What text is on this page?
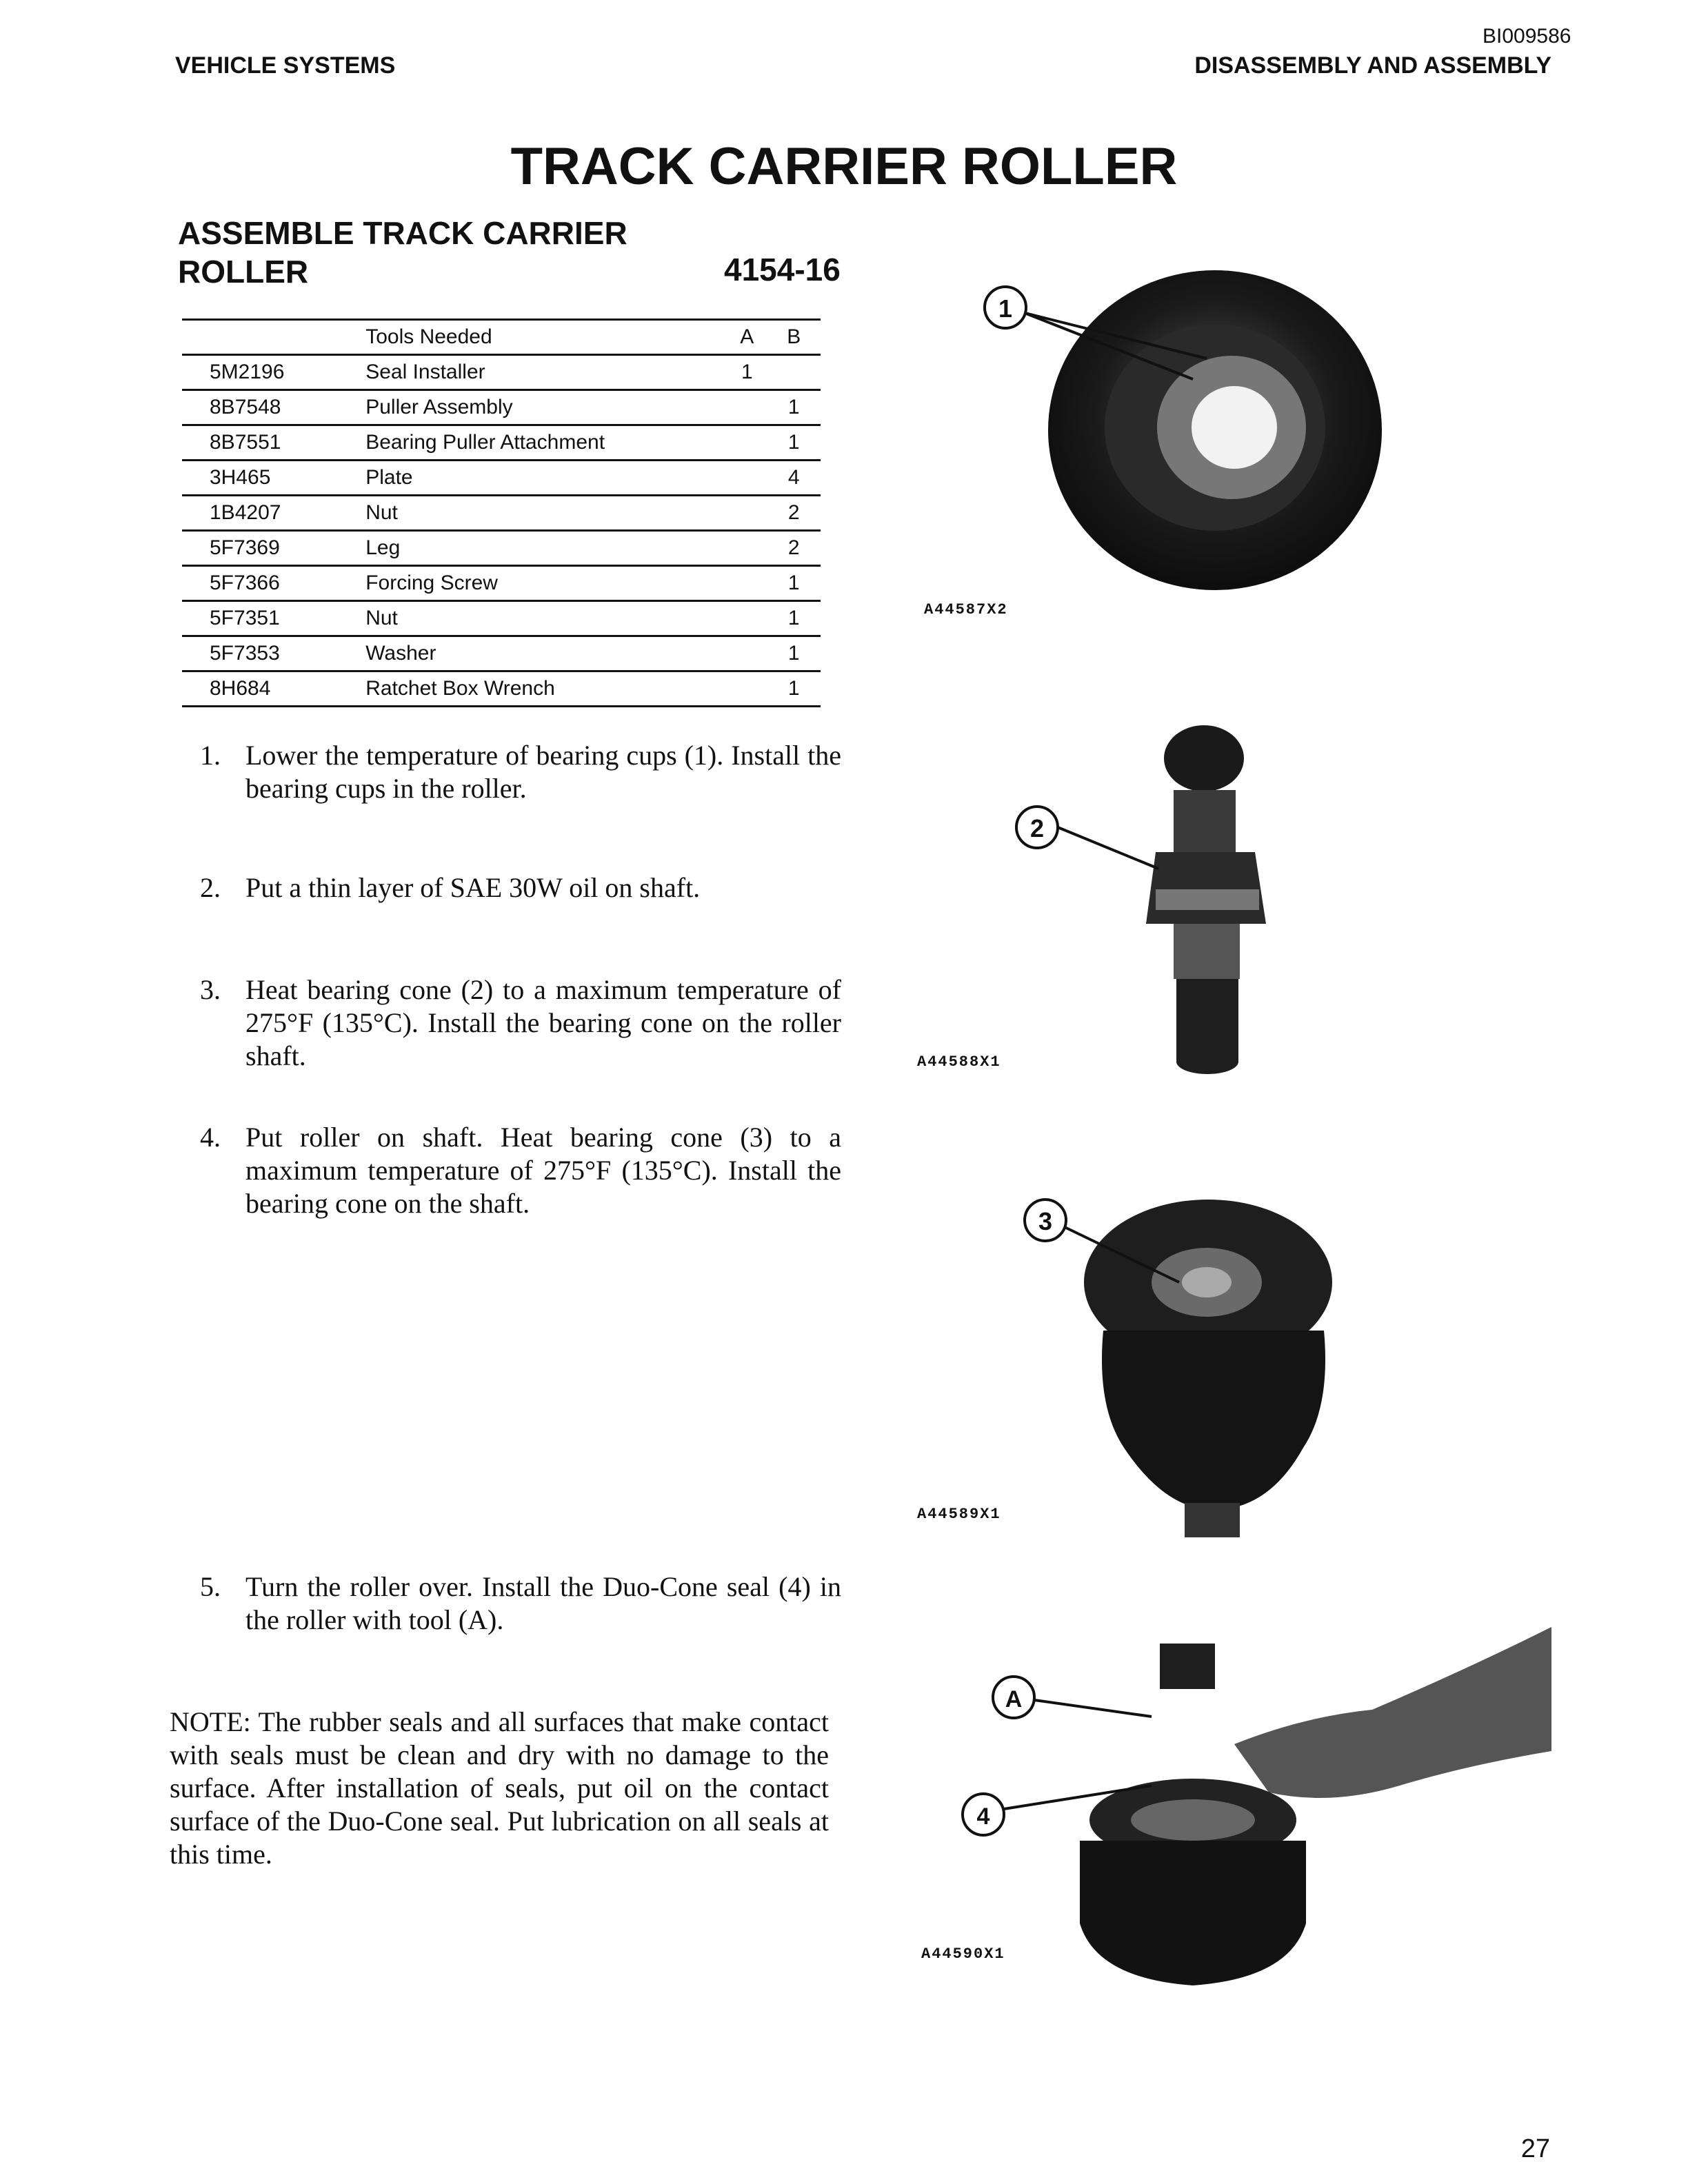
BI009586
VEHICLE SYSTEMS	DISASSEMBLY AND ASSEMBLY
TRACK CARRIER ROLLER
ASSEMBLE TRACK CARRIER
ROLLER	4154-16
	Tools Needed	A	B
5M2196	Seal Installer	1	
8B7548	Puller Assembly		1
8B7551	Bearing Puller Attachment		1
3H465	Plate		4
1B4207	Nut		2
5F7369	Leg		2
5F7366	Forcing Screw		1
5F7351	Nut		1
5F7353	Washer		1
8H684	Ratchet Box Wrench		1
1. Lower the temperature of bearing cups (1). Install the bearing cups in the roller.
2. Put a thin layer of SAE 30W oil on shaft.
3. Heat bearing cone (2) to a maximum temperature of 275°F (135°C). Install the bearing cone on the roller shaft.
4. Put roller on shaft. Heat bearing cone (3) to a maximum temperature of 275°F (135°C). Install the bearing cone on the shaft.
5. Turn the roller over. Install the Duo-Cone seal (4) in the roller with tool (A).
NOTE: The rubber seals and all surfaces that make contact with seals must be clean and dry with no damage to the surface. After installation of seals, put oil on the contact surface of the Duo-Cone seal. Put lubrication on all seals at this time.
1
A44587X2
2
A44588X1
3
A44589X1
A
4
A44590X1
27
